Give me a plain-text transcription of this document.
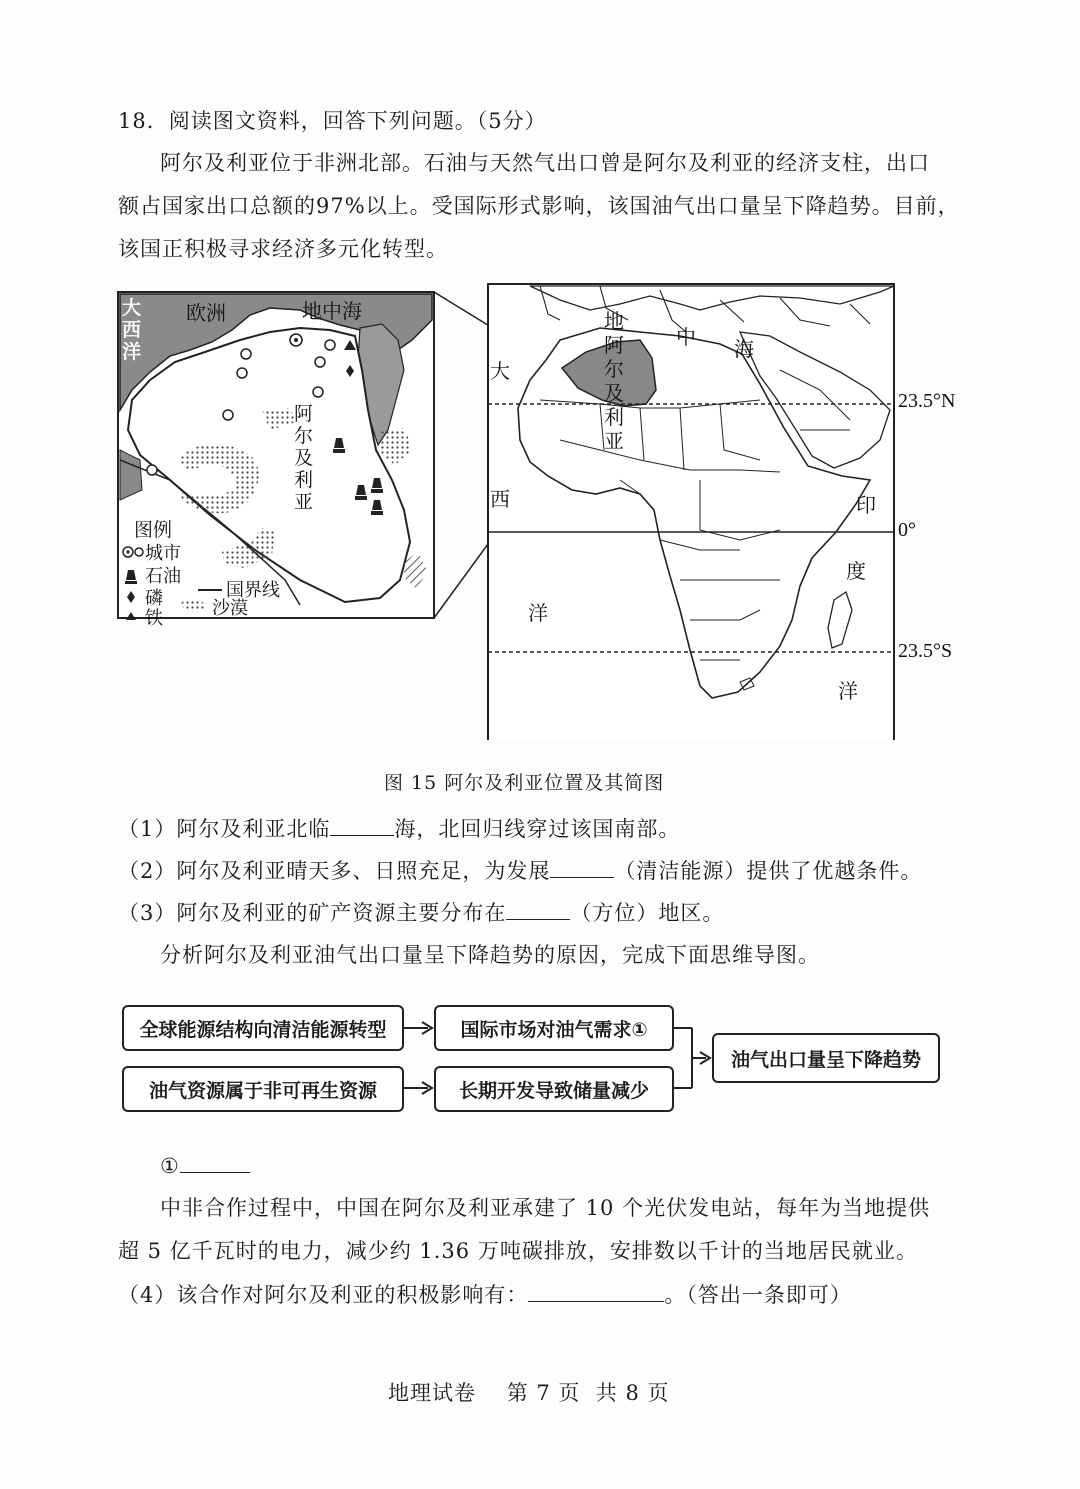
18．阅读图文资料，回答下列问题。（5分）
阿尔及利亚位于非洲北部。石油与天然气出口曾是阿尔及利亚的经济支柱，出口
额占国家出口总额的97%以上。受国际形式影响，该国油气出口量呈下降趋势。目前，
该国正积极寻求经济多元化转型。
大
西
洋
欧洲	地中海
阿
尔
及
利
亚
图例
城市
石油
磷
铁
国界线
沙漠
地
阿
尔
及
利
亚
中 海
大
西
洋
印
度
洋
23.5°N
0°
23.5°S
图 15 阿尔及利亚位置及其简图
（1）阿尔及利亚北临	海，北回归线穿过该国南部。
（2）阿尔及利亚晴天多、日照充足，为发展	（清洁能源）提供了优越条件。
（3）阿尔及利亚的矿产资源主要分布在	（方位）地区。
分析阿尔及利亚油气出口量呈下降趋势的原因，完成下面思维导图。
全球能源结构向清洁能源转型	国际市场对油气需求①
油气资源属于非可再生资源	长期开发导致储量减少
油气出口量呈下降趋势
①
中非合作过程中，中国在阿尔及利亚承建了 10 个光伏发电站，每年为当地提供
超 5 亿千瓦时的电力，减少约 1.36 万吨碳排放，安排数以千计的当地居民就业。
（4）该合作对阿尔及利亚的积极影响有：	。（答出一条即可）
地理试卷    第 7 页  共 8 页
